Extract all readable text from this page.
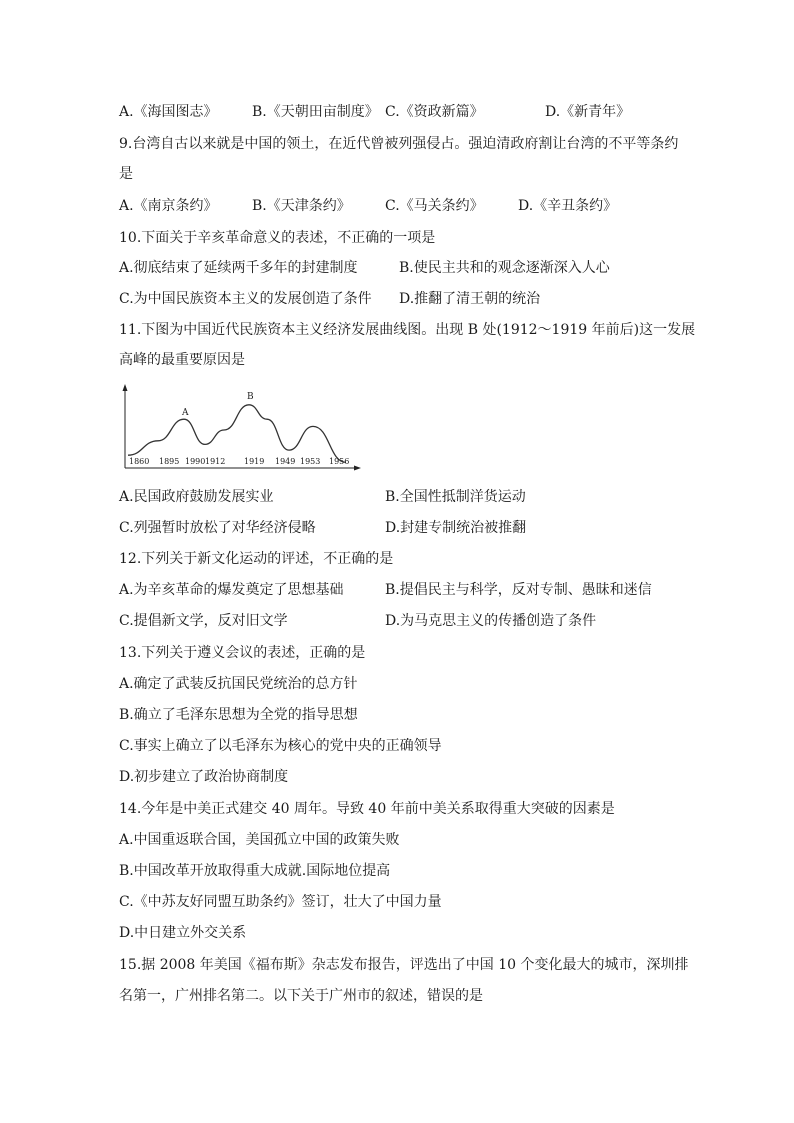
A.《海国图志》 B.《天朝田亩制度》 C.《资政新篇》	D.《新青年》
9.台湾自古以来就是中国的领土，在近代曾被列强侵占。强迫清政府割让台湾的不平等条约
是
A.《南京条约》 B.《天津条约》 C.《马关条约》 D.《辛丑条约》
10.下面关于辛亥革命意义的表述，不正确的一项是
A.彻底结束了延续两千多年的封建制度	B.使民主共和的观念逐渐深入人心
C.为中国民族资本主义的发展创造了条件 D.推翻了清王朝的统治
11.下图为中国近代民族资本主义经济发展曲线图。出现 B 处(1912～1919 年前后)这一发展
高峰的最重要原因是
1860 1895 1990 1912 1919 1949 1953 1956
A
B
A.民国政府鼓励发展实业	B.全国性抵制洋货运动
C.列强暂时放松了对华经济侵略	D.封建专制统治被推翻
12.下列关于新文化运动的评述，不正确的是
A.为辛亥革命的爆发奠定了思想基础	B.提倡民主与科学，反对专制、愚昧和迷信
C.提倡新文学，反对旧文学	D.为马克思主义的传播创造了条件
13.下列关于遵义会议的表述，正确的是
A.确定了武装反抗国民党统治的总方针
B.确立了毛泽东思想为全党的指导思想
C.事实上确立了以毛泽东为核心的党中央的正确领导
D.初步建立了政治协商制度
14.今年是中美正式建交 40 周年。导致 40 年前中美关系取得重大突破的因素是
A.中国重返联合国，美国孤立中国的政策失败
B.中国改革开放取得重大成就.国际地位提高
C.《中苏友好同盟互助条约》签订，壮大了中国力量
D.中日建立外交关系
15.据 2008 年美国《福布斯》杂志发布报告，评选出了中国 10 个变化最大的城市，深圳排
名第一，广州排名第二。以下关于广州市的叙述，错误的是
